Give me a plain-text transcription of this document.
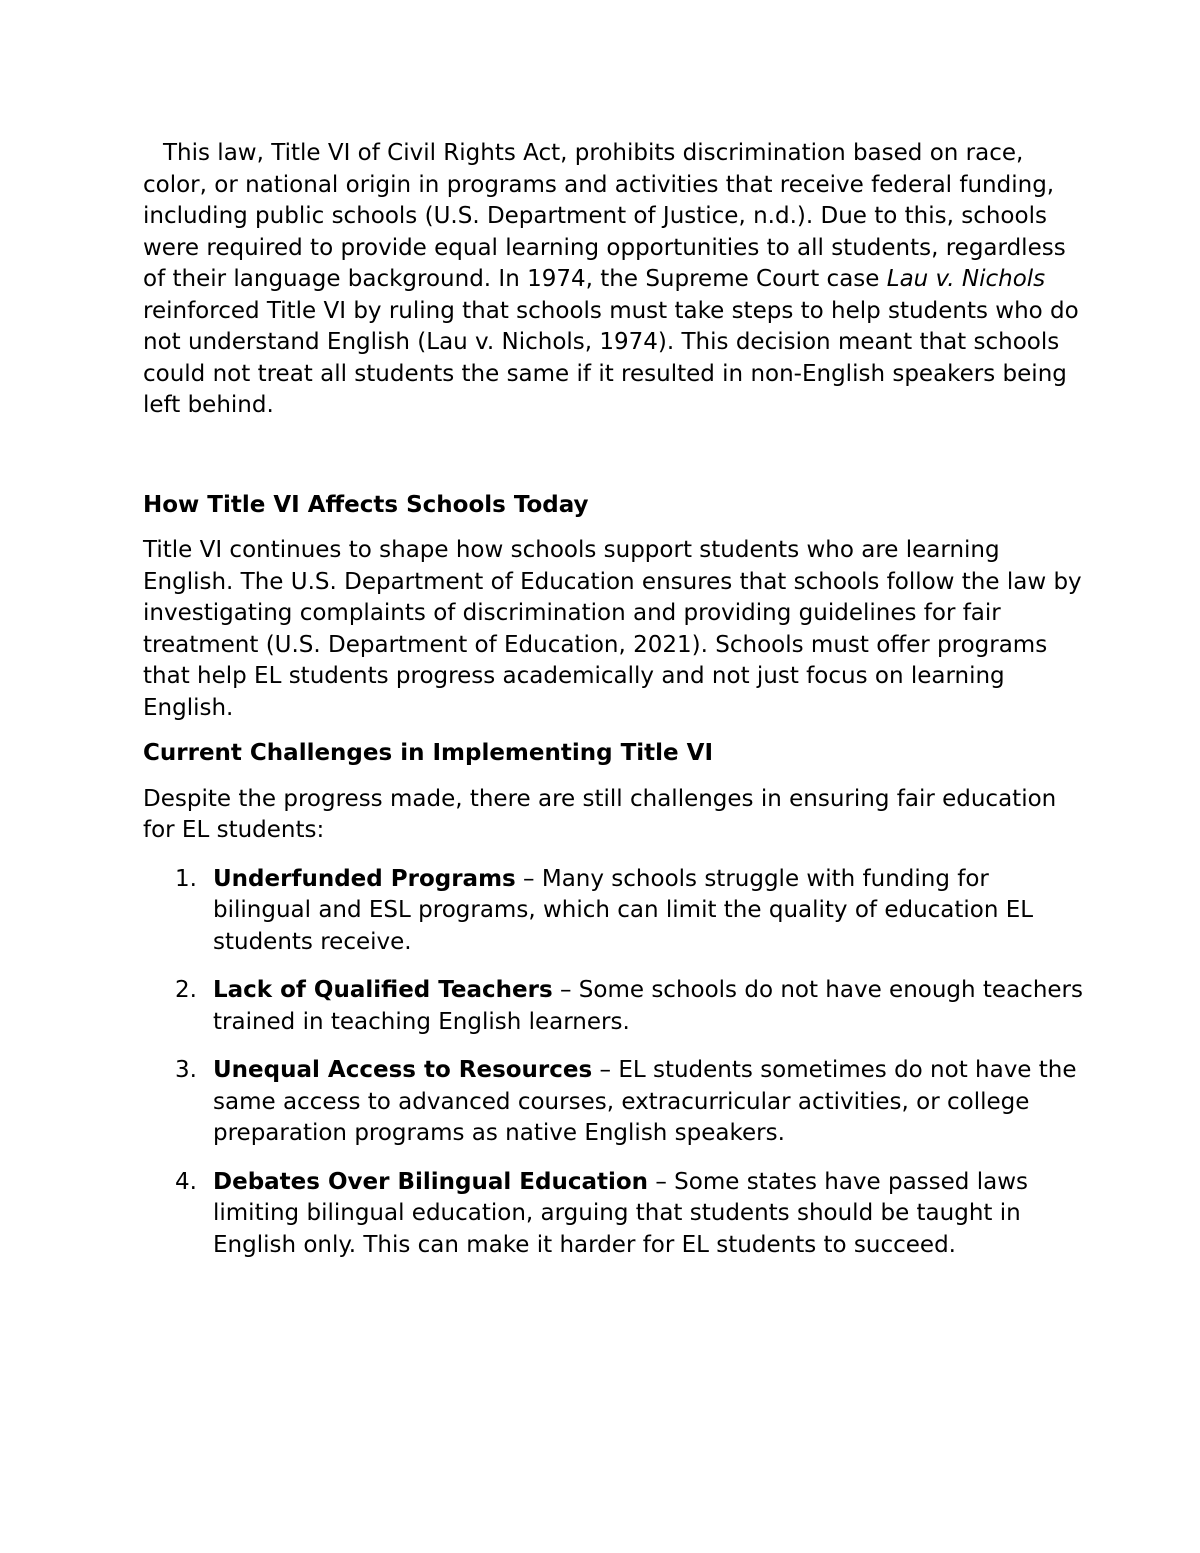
This law, Title VI of Civil Rights Act, prohibits discrimination based on race, color, or national origin in programs and activities that receive federal funding, including public schools (U.S. Department of Justice, n.d.). Due to this, schools were required to provide equal learning opportunities to all students, regardless of their language background. In 1974, the Supreme Court case Lau v. Nichols reinforced Title VI by ruling that schools must take steps to help students who do not understand English (Lau v. Nichols, 1974). This decision meant that schools could not treat all students the same if it resulted in non-English speakers being left behind.

How Title VI Affects Schools Today

Title VI continues to shape how schools support students who are learning English. The U.S. Department of Education ensures that schools follow the law by investigating complaints of discrimination and providing guidelines for fair treatment (U.S. Department of Education, 2021). Schools must offer programs that help EL students progress academically and not just focus on learning English.

Current Challenges in Implementing Title VI

Despite the progress made, there are still challenges in ensuring fair education for EL students:

1. Underfunded Programs – Many schools struggle with funding for bilingual and ESL programs, which can limit the quality of education EL students receive.
2. Lack of Qualified Teachers – Some schools do not have enough teachers trained in teaching English learners.
3. Unequal Access to Resources – EL students sometimes do not have the same access to advanced courses, extracurricular activities, or college preparation programs as native English speakers.
4. Debates Over Bilingual Education – Some states have passed laws limiting bilingual education, arguing that students should be taught in English only. This can make it harder for EL students to succeed.
